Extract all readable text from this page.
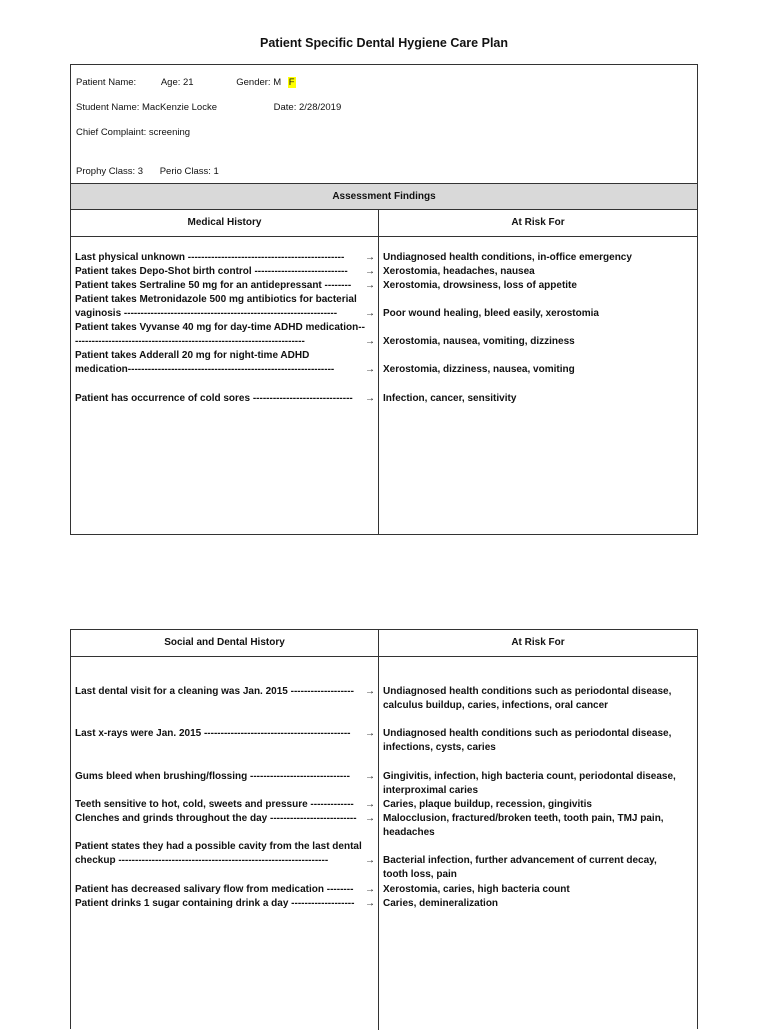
Patient Specific Dental Hygiene Care Plan
Patient Name:	Age: 21	Gender: M F
Student Name: MacKenzie Locke	Date: 2/28/2019
Chief Complaint: screening
Prophy Class: 3 Perio Class: 1
Assessment Findings
Medical History	At Risk For
Last physical unknown ----------------------------------------------- → Undiagnosed health conditions, in-office emergency
Patient takes Depo-Shot birth control ---------------------------- → Xerostomia, headaches, nausea
Patient takes Sertraline 50 mg for an antidepressant -------- → Xerostomia, drowsiness, loss of appetite
Patient takes Metronidazole 500 mg antibiotics for bacterial
vaginosis ----------------------------------------------------------------	→ Poor wound healing, bleed easily, xerostomia
Patient takes Vyvanse 40 mg for day-time ADHD medication--
---------------------------------------------------------------------	→ Xerostomia, nausea, vomiting, dizziness
Patient takes Adderall 20 mg for night-time ADHD
medication--------------------------------------------------------------	→ Xerostomia, dizziness, nausea, vomiting
Patient has occurrence of cold sores ------------------------------ → Infection, cancer, sensitivity
Social and Dental History	At Risk For
Last dental visit for a cleaning was Jan. 2015 ------------------- → Undiagnosed health conditions such as periodontal disease,
calculus buildup, caries, infections, oral cancer
Last x-rays were Jan. 2015 -------------------------------------------- → Undiagnosed health conditions such as periodontal disease,
infections, cysts, caries
Gums bleed when brushing/flossing ------------------------------ → Gingivitis, infection, high bacteria count, periodontal disease,
interproximal caries
Teeth sensitive to hot, cold, sweets and pressure ------------- → Caries, plaque buildup, recession, gingivitis
Clenches and grinds throughout the day -------------------------- → Malocclusion, fractured/broken teeth, tooth pain, TMJ pain,
headaches
Patient states they had a possible cavity from the last dental
checkup ---------------------------------------------------------------	→ Bacterial infection, further advancement of current decay,
tooth loss, pain
Patient has decreased salivary flow from medication -------- → Xerostomia, caries, high bacteria count
Patient drinks 1 sugar containing drink a day ------------------- → Caries, demineralization
